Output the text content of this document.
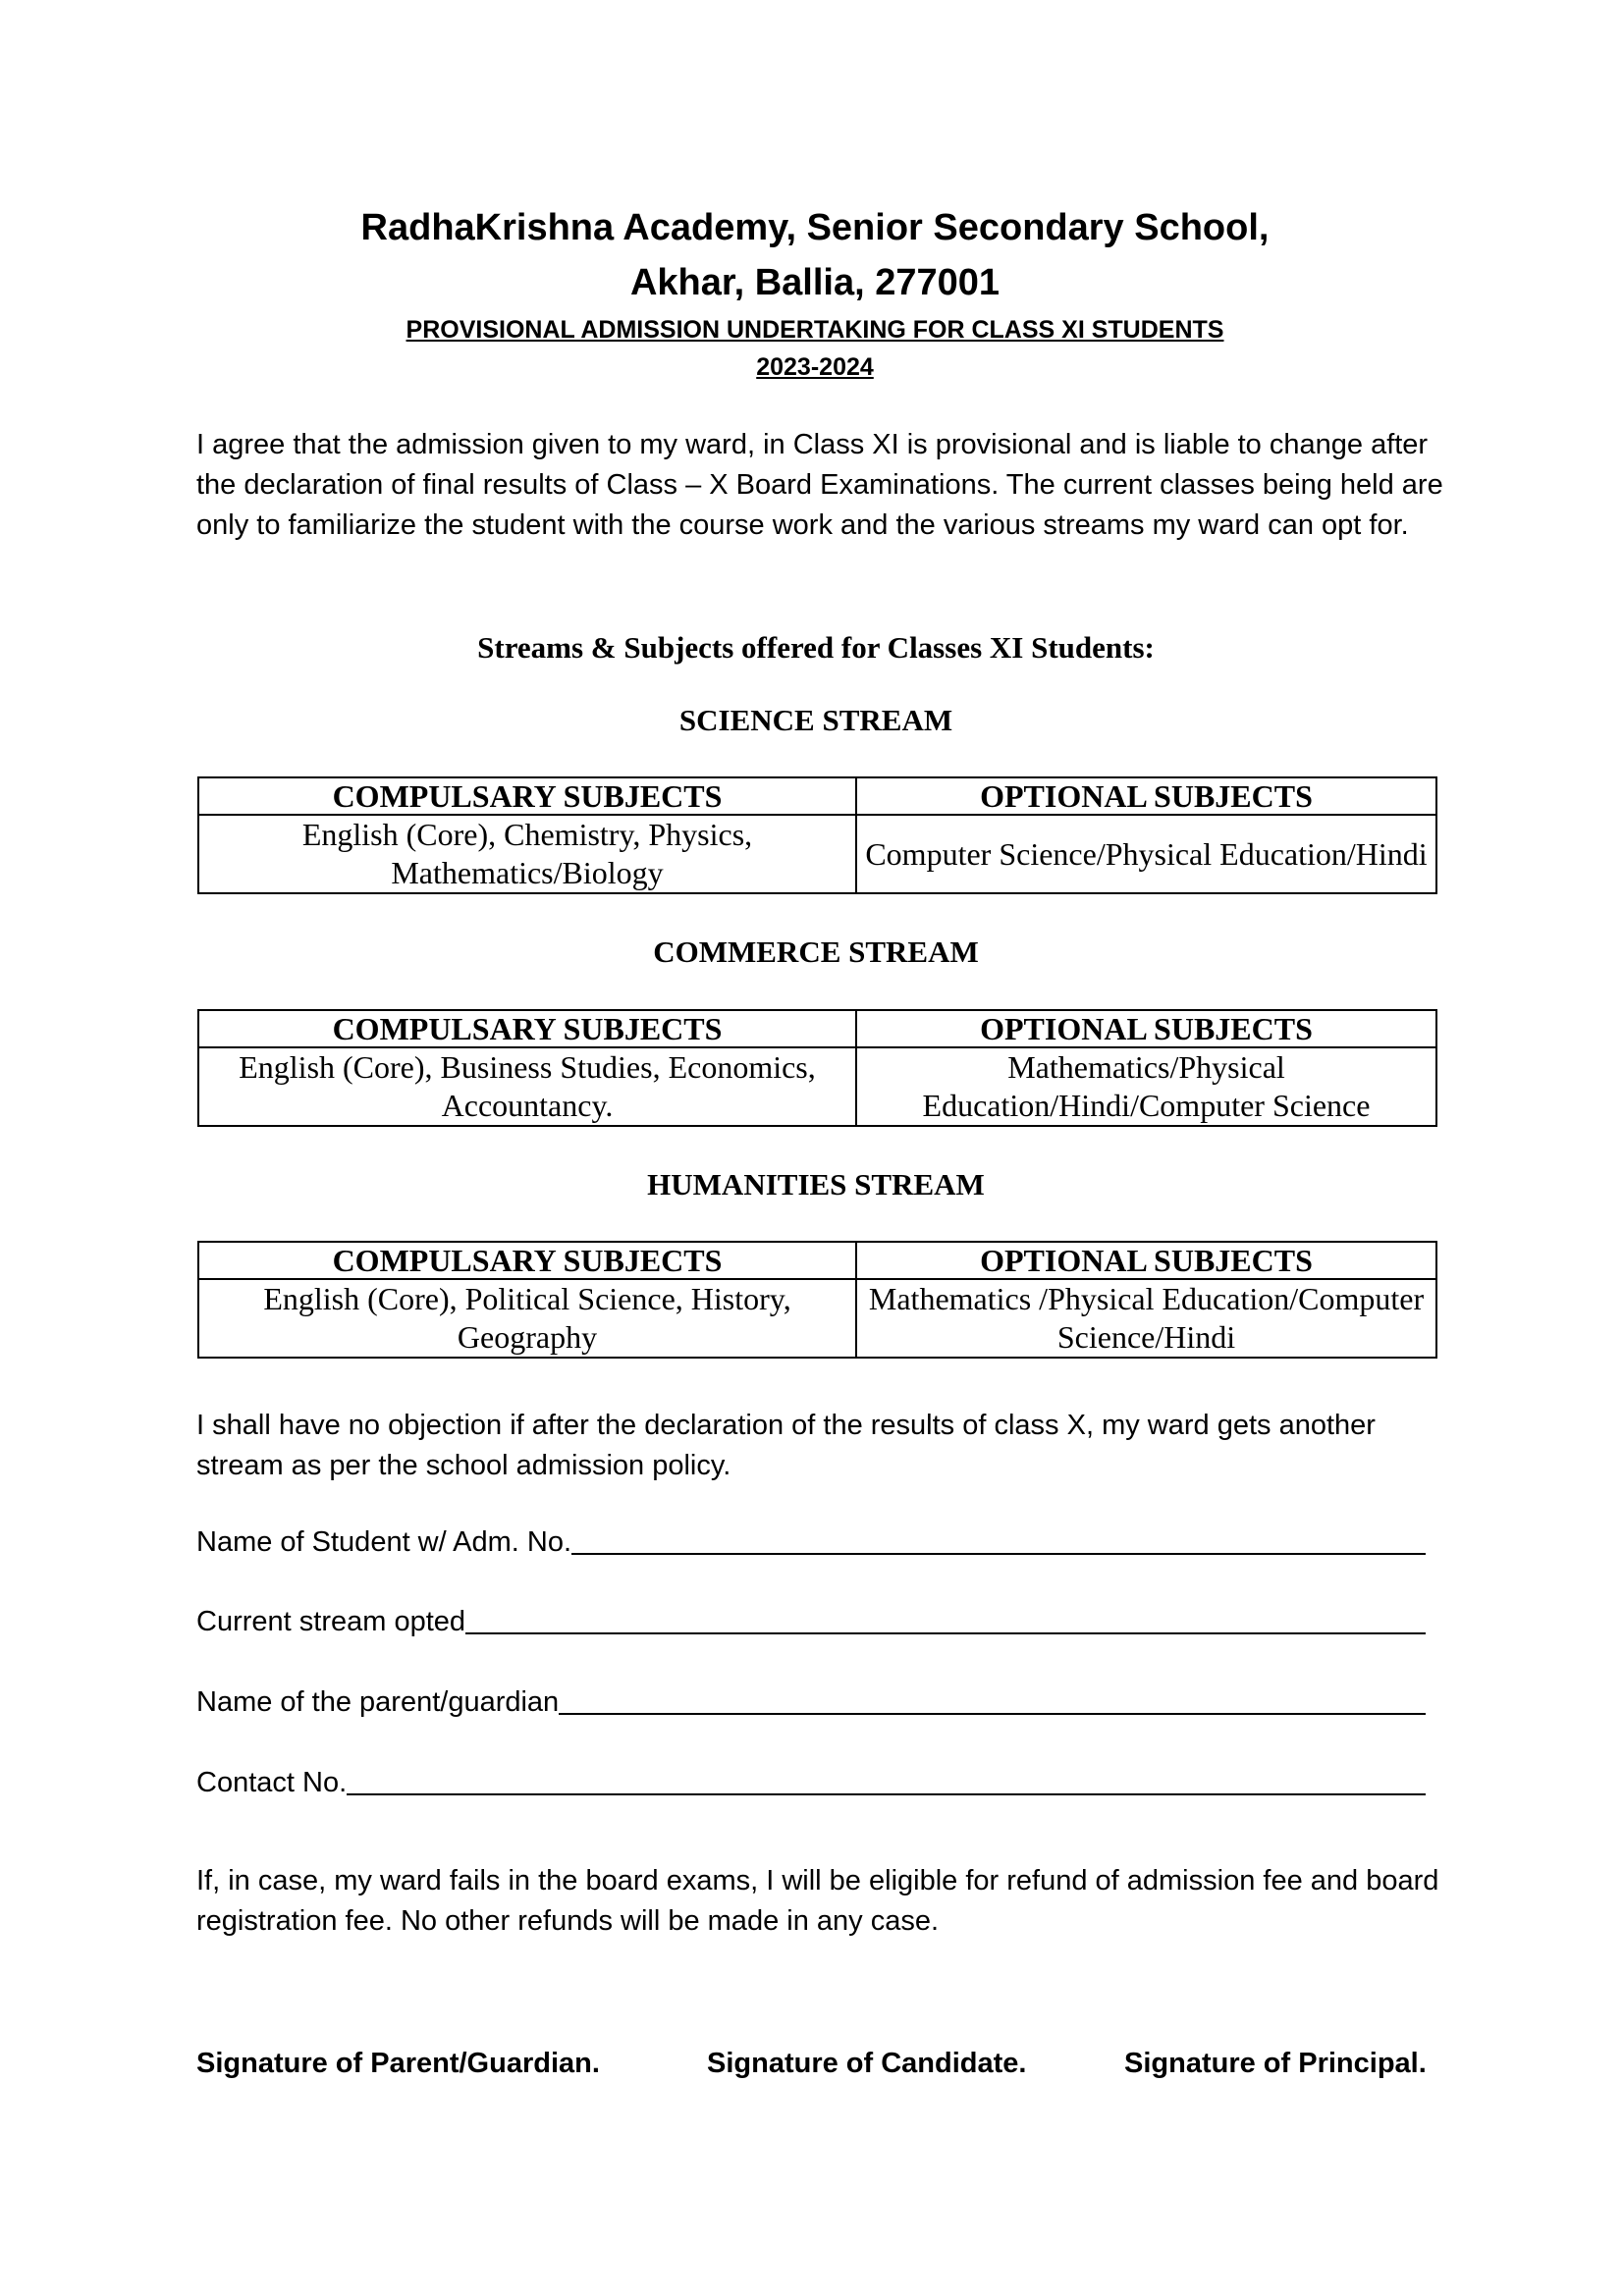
RadhaKrishna Academy, Senior Secondary School,

Akhar, Ballia, 277001

PROVISIONAL ADMISSION UNDERTAKING FOR CLASS XI STUDENTS

2023-2024

I agree that the admission given to my ward, in Class XI is provisional and is liable to change after the declaration of final results of Class – X Board Examinations. The current classes being held are only to familiarize the student with the course work and the various streams my ward can opt for.

Streams & Subjects offered for Classes XI Students:

SCIENCE STREAM

COMPULSARY SUBJECTS	OPTIONAL SUBJECTS
English (Core), Chemistry, Physics, Mathematics/Biology	Computer Science/Physical Education/Hindi

COMMERCE STREAM

COMPULSARY SUBJECTS	OPTIONAL SUBJECTS
English (Core), Business Studies, Economics, Accountancy.	Mathematics/Physical Education/Hindi/Computer Science

HUMANITIES STREAM

COMPULSARY SUBJECTS	OPTIONAL SUBJECTS
English (Core), Political Science, History, Geography	Mathematics /Physical Education/Computer Science/Hindi

I shall have no objection if after the declaration of the results of class X, my ward gets another stream as per the school admission policy.

Name of Student w/ Adm. No.
Current stream opted
Name of the parent/guardian
Contact No.

If, in case, my ward fails in the board exams, I will be eligible for refund of admission fee and board registration fee. No other refunds will be made in any case.

Signature of Parent/Guardian.	Signature of Candidate.	Signature of Principal.
